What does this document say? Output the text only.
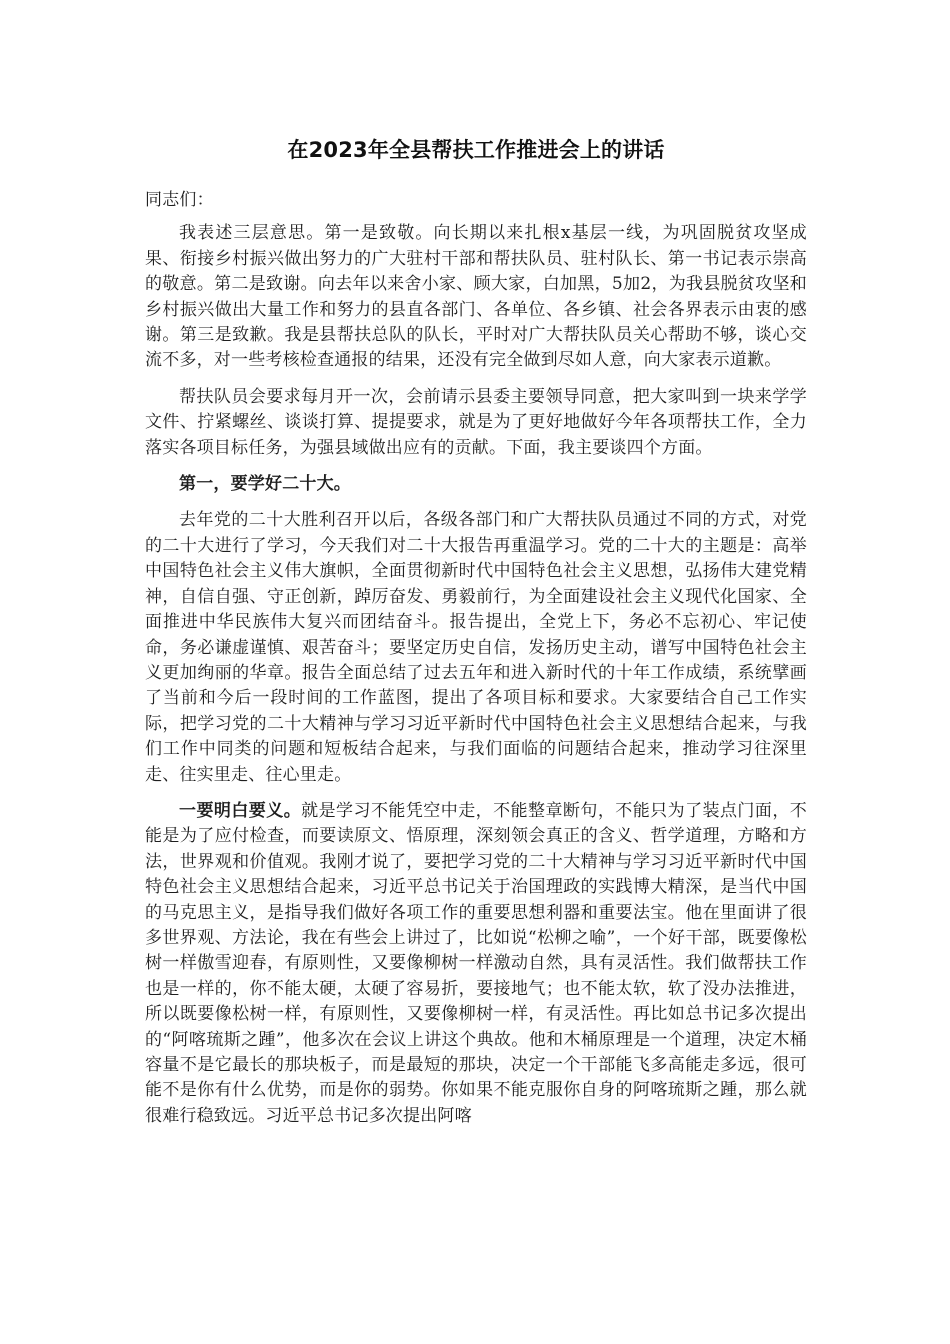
在2023年全县帮扶工作推进会上的讲话

同志们：

我表述三层意思。第一是致敬。向长期以来扎根x基层一线，为巩固脱贫攻坚成果、衔接乡村振兴做出努力的广大驻村干部和帮扶队员、驻村队长、第一书记表示崇高的敬意。第二是致谢。向去年以来舍小家、顾大家，白加黑，5加2，为我县脱贫攻坚和乡村振兴做出大量工作和努力的县直各部门、各单位、各乡镇、社会各界表示由衷的感谢。第三是致歉。我是县帮扶总队的队长，平时对广大帮扶队员关心帮助不够，谈心交流不多，对一些考核检查通报的结果，还没有完全做到尽如人意，向大家表示道歉。

帮扶队员会要求每月开一次，会前请示县委主要领导同意，把大家叫到一块来学学文件、拧紧螺丝、谈谈打算、提提要求，就是为了更好地做好今年各项帮扶工作，全力落实各项目标任务，为强县域做出应有的贡献。下面，我主要谈四个方面。

第一，要学好二十大。

去年党的二十大胜利召开以后，各级各部门和广大帮扶队员通过不同的方式，对党的二十大进行了学习，今天我们对二十大报告再重温学习。党的二十大的主题是：高举中国特色社会主义伟大旗帜，全面贯彻新时代中国特色社会主义思想，弘扬伟大建党精神，自信自强、守正创新，踔厉奋发、勇毅前行，为全面建设社会主义现代化国家、全面推进中华民族伟大复兴而团结奋斗。报告提出，全党上下，务必不忘初心、牢记使命，务必谦虚谨慎、艰苦奋斗；要坚定历史自信，发扬历史主动，谱写中国特色社会主义更加绚丽的华章。报告全面总结了过去五年和进入新时代的十年工作成绩，系统擘画了当前和今后一段时间的工作蓝图，提出了各项目标和要求。大家要结合自己工作实际，把学习党的二十大精神与学习习近平新时代中国特色社会主义思想结合起来，与我们工作中同类的问题和短板结合起来，与我们面临的问题结合起来，推动学习往深里走、往实里走、往心里走。

一要明白要义。就是学习不能凭空中走，不能整章断句，不能只为了装点门面，不能是为了应付检查，而要读原文、悟原理，深刻领会真正的含义、哲学道理，方略和方法，世界观和价值观。我刚才说了，要把学习党的二十大精神与学习习近平新时代中国特色社会主义思想结合起来，习近平总书记关于治国理政的实践博大精深，是当代中国的马克思主义，是指导我们做好各项工作的重要思想利器和重要法宝。他在里面讲了很多世界观、方法论，我在有些会上讲过了，比如说“松柳之喻”，一个好干部，既要像松树一样傲雪迎春，有原则性，又要像柳树一样激动自然，具有灵活性。我们做帮扶工作也是一样的，你不能太硬，太硬了容易折，要接地气；也不能太软，软了没办法推进，所以既要像松树一样，有原则性，又要像柳树一样，有灵活性。再比如总书记多次提出的“阿喀琉斯之踵”，他多次在会议上讲这个典故。他和木桶原理是一个道理，决定木桶容量不是它最长的那块板子，而是最短的那块，决定一个干部能飞多高能走多远，很可能不是你有什么优势，而是你的弱势。你如果不能克服你自身的阿喀琉斯之踵，那么就很难行稳致远。习近平总书记多次提出阿喀
